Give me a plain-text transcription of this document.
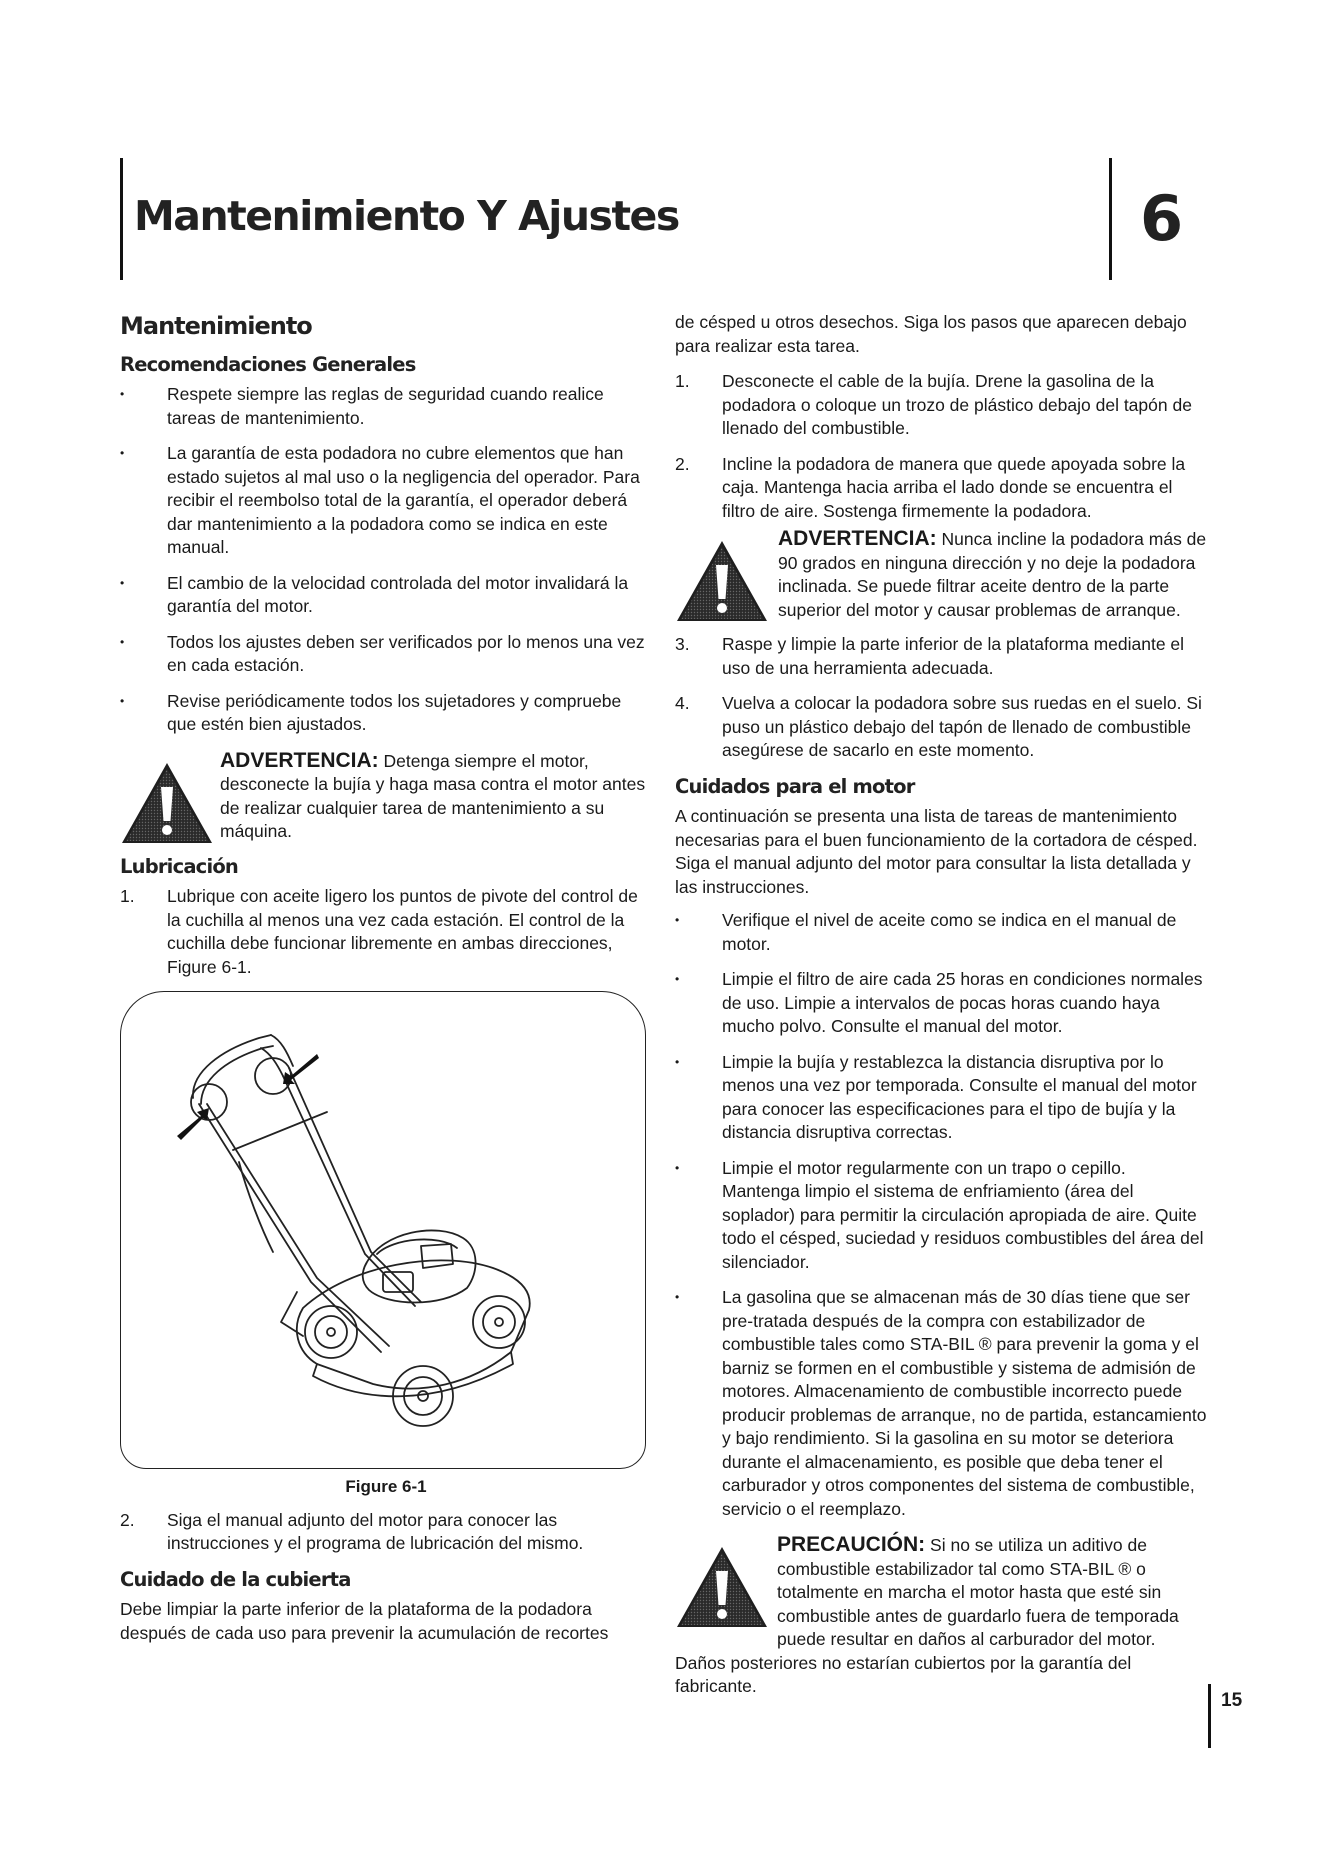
Mantenimiento Y Ajustes	6
Mantenimiento
Recomendaciones Generales
• Respete siempre las reglas de seguridad cuando realice tareas de mantenimiento.
• La garantía de esta podadora no cubre elementos que han estado sujetos al mal uso o la negligencia del operador. Para recibir el reembolso total de la garantía, el operador deberá dar mantenimiento a la podadora como se indica en este manual.
• El cambio de la velocidad controlada del motor invalidará la garantía del motor.
• Todos los ajustes deben ser verificados por lo menos una vez en cada estación.
• Revise periódicamente todos los sujetadores y compruebe que estén bien ajustados.
ADVERTENCIA: Detenga siempre el motor, desconecte la bujía y haga masa contra el motor antes de realizar cualquier tarea de mantenimiento a su máquina.
Lubricación
1. Lubrique con aceite ligero los puntos de pivote del control de la cuchilla al menos una vez cada estación. El control de la cuchilla debe funcionar libremente en ambas direcciones, Figure 6-1.
Figure 6-1
2. Siga el manual adjunto del motor para conocer las instrucciones y el programa de lubricación del mismo.
Cuidado de la cubierta

Debe limpiar la parte inferior de la plataforma de la podadora después de cada uso para prevenir la acumulación de recortes

de césped u otros desechos. Siga los pasos que aparecen debajo para realizar esta tarea.

1. Desconecte el cable de la bujía. Drene la gasolina de la podadora o coloque un trozo de plástico debajo del tapón de llenado del combustible.
2. Incline la podadora de manera que quede apoyada sobre la caja. Mantenga hacia arriba el lado donde se encuentra el filtro de aire. Sostenga firmemente la podadora.
ADVERTENCIA: Nunca incline la podadora más de 90 grados en ninguna dirección y no deje la podadora inclinada. Se puede filtrar aceite dentro de la parte superior del motor y causar problemas de arranque.
3. Raspe y limpie la parte inferior de la plataforma mediante el uso de una herramienta adecuada.
4. Vuelva a colocar la podadora sobre sus ruedas en el suelo. Si puso un plástico debajo del tapón de llenado de combustible asegúrese de sacarlo en este momento.
Cuidados para el motor

A continuación se presenta una lista de tareas de mantenimiento necesarias para el buen funcionamiento de la cortadora de césped. Siga el manual adjunto del motor para consultar la lista detallada y las instrucciones.

• Verifique el nivel de aceite como se indica en el manual de motor.
• Limpie el filtro de aire cada 25 horas en condiciones normales de uso. Limpie a intervalos de pocas horas cuando haya mucho polvo. Consulte el manual del motor.
• Limpie la bujía y restablezca la distancia disruptiva por lo menos una vez por temporada. Consulte el manual del motor para conocer las especificaciones para el tipo de bujía y la distancia disruptiva correctas.
• Limpie el motor regularmente con un trapo o cepillo. Mantenga limpio el sistema de enfriamiento (área del soplador) para permitir la circulación apropiada de aire. Quite todo el césped, suciedad y residuos combustibles del área del silenciador.
• La gasolina que se almacenan más de 30 días tiene que ser pre-tratada después de la compra con estabilizador de combustible tales como STA-BIL ® para prevenir la goma y el barniz se formen en el combustible y sistema de admisión de motores. Almacenamiento de combustible incorrecto puede producir problemas de arranque, no de partida, estancamiento y bajo rendimiento. Si la gasolina en su motor se deteriora durante el almacenamiento, es posible que deba tener el carburador y otros componentes del sistema de combustible, servicio o el reemplazo.
PRECAUCIÓN: Si no se utiliza un aditivo de combustible estabilizador tal como STA-BIL ® o totalmente en marcha el motor hasta que esté sin combustible antes de guardarlo fuera de temporada puede resultar en daños al carburador del motor. Daños posteriores no estarían cubiertos por la garantía del fabricante.
15
